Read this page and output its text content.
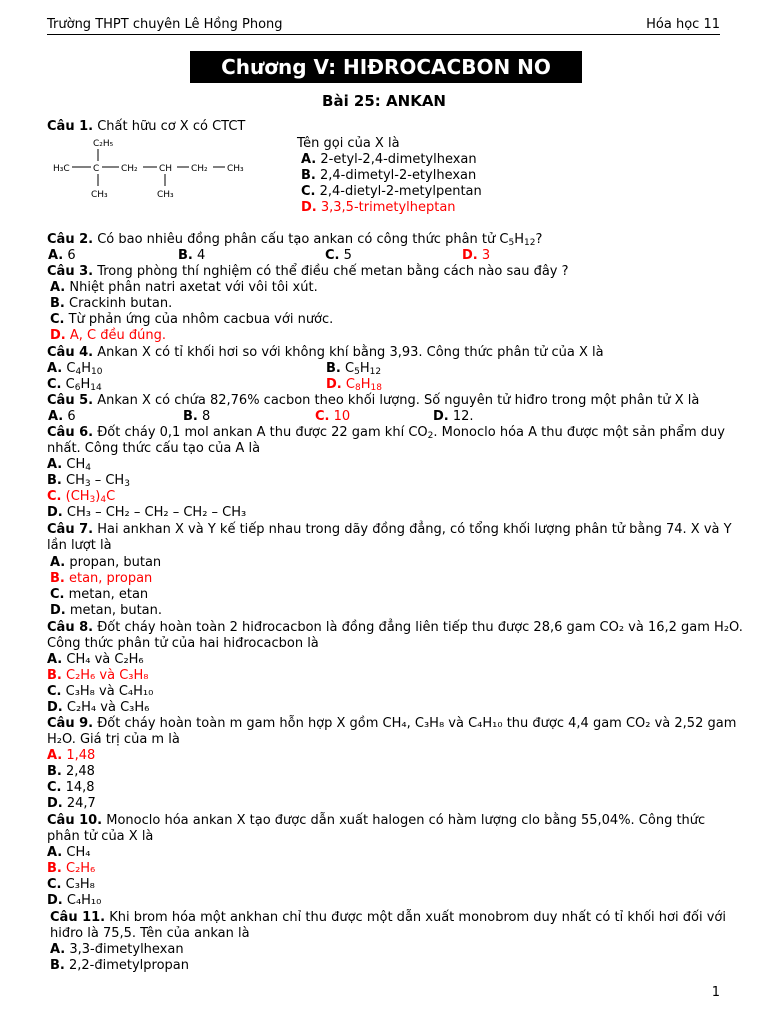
Trường THPT chuyên Lê Hồng Phong	Hóa học 11
Chương V: HIĐROCACBON NO
Bài 25: ANKAN
Câu 1. Chất hữu cơ X có CTCT
C₂H₅
H₃C	C CH₂ CH CH₂ CH₃
CH₃	CH₃
Tên gọi của X là
A. 2-etyl-2,4-dimetylhexan
B. 2,4-dimetyl-2-etylhexan
C. 2,4-dietyl-2-metylpentan
D. 3,3,5-trimetylheptan
Câu 2. Có bao nhiêu đồng phân cấu tạo ankan có công thức phân tử $C_5H_{12}$?
A. 6	B. 4	C. 5	D. 3
Câu 3. Trong phòng thí nghiệm có thể điều chế metan bằng cách nào sau đây ?
A. Nhiệt phân natri axetat với vôi tôi xút.
B. Crackinh butan.
C. Từ phản ứng của nhôm cacbua với nước.
D. A, C đều đúng.
Câu 4. Ankan X có tỉ khối hơi so với không khí bằng 3,93. Công thức phân tử của X là
A. $C_4H_{10}$	B. $C_5H_{12}$
C. $C_6H_{14}$	D. $C_8H_{18}$
Câu 5. Ankan X có chứa 82,76% cacbon theo khối lượng. Số nguyên tử hiđro trong một phân tử X là
A. 6	B. 8	C. 10	D. 12.
Câu 6. Đốt cháy 0,1 mol ankan A thu được 22 gam khí $CO_2$. Monoclo hóa A thu được một sản phẩm duy
nhất. Công thức cấu tạo của A là
A. $CH_4$
B. $CH_3 - CH_3$
C. $(CH_3)_4C$
D. CH₃ – CH₂ – CH₂ – CH₂ – CH₃
Câu 7. Hai ankhan X và Y kế tiếp nhau trong dãy đồng đẳng, có tổng khối lượng phân tử bằng 74. X và Y
lần lượt là
A. propan, butan
B. etan, propan
C. metan, etan
D. metan, butan.
Câu 8. Đốt cháy hoàn toàn 2 hiđrocacbon là đồng đẳng liên tiếp thu được 28,6 gam CO₂ và 16,2 gam H₂O.
Công thức phân tử của hai hiđrocacbon là
A. CH₄ và C₂H₆
B. C₂H₆ và C₃H₈
C. C₃H₈ và C₄H₁₀
D. C₂H₄ và C₃H₆
Câu 9. Đốt cháy hoàn toàn m gam hỗn hợp X gồm CH₄, C₃H₈ và C₄H₁₀ thu được 4,4 gam CO₂ và 2,52 gam
H₂O. Giá trị của m là
A. 1,48
B. 2,48
C. 14,8
D. 24,7
Câu 10. Monoclo hóa ankan X tạo được dẫn xuất halogen có hàm lượng clo bằng 55,04%. Công thức
phân tử của X là
A. CH₄
B. C₂H₆
C. C₃H₈
D. C₄H₁₀
Câu 11. Khi brom hóa một ankhan chỉ thu được một dẫn xuất monobrom duy nhất có tỉ khối hơi đối với
hiđro là 75,5. Tên của ankan là
A. 3,3-đimetylhexan
B. 2,2-đimetylpropan
1
